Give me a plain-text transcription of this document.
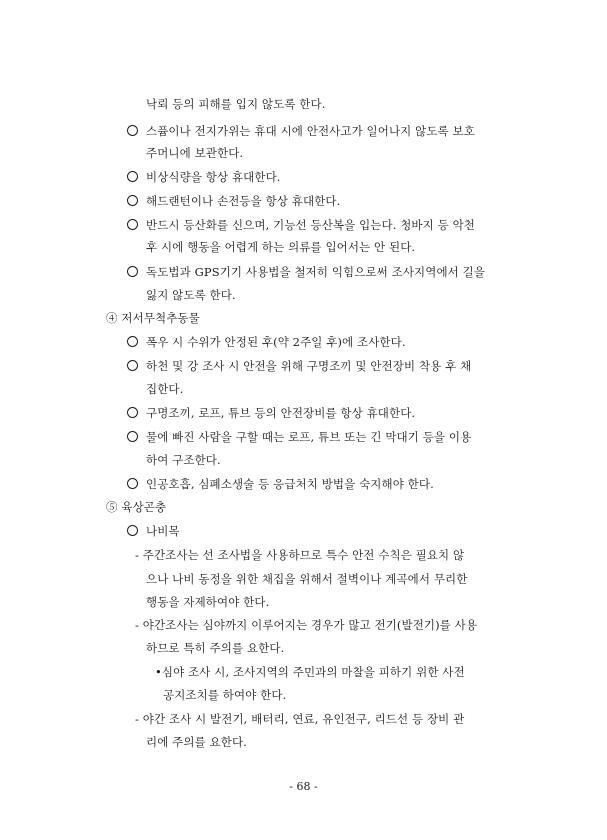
낙뢰 등의 피해를 입지 않도록 한다.
스퓸이나 전지가위는 휴대 시에 안전사고가 일어나지 않도록 보호
주머니에 보관한다.
비상식량을 항상 휴대한다.
해드랜턴이나 손전등을 항상 휴대한다.
반드시 등산화를 신으며, 기능선 등산복을 입는다. 청바지 등 악천
후 시에 행동을 어렵게 하는 의류를 입어서는 안 된다.
독도법과 GPS기기 사용법을 철저히 익힘으로써 조사지역에서 길을
잃지 않도록 한다.
④ 저서무척추동물
폭우 시 수위가 안정된 후(약 2주일 후)에 조사한다.
하천 및 강 조사 시 안전을 위해 구명조끼 및 안전장비 착용 후 채
집한다.
구명조끼, 로프, 튜브 등의 안전장비를 항상 휴대한다.
물에 빠진 사람을 구할 때는 로프, 튜브 또는 긴 막대기 등을 이용
하여 구조한다.
인공호흡, 심폐소생술 등 응급처치 방법을 숙지해야 한다.
⑤ 육상곤충
나비목
- 주간조사는 선 조사법을 사용하므로 특수 안전 수칙은 필요치 않
으나 나비 동정을 위한 채집을 위해서 절벽이나 계곡에서 무리한
행동을 자제하여야 한다.
- 야간조사는 심야까지 이루어지는 경우가 많고 전기(발전기)를 사용
하므로 특히 주의를 요한다.
•심야 조사 시, 조사지역의 주민과의 마찰을 피하기 위한 사전
공지조치를 하여야 한다.
- 야간 조사 시 발전기, 배터리, 연료, 유인전구, 리드선 등 장비 관
리에 주의를 요한다.
- 68 -
